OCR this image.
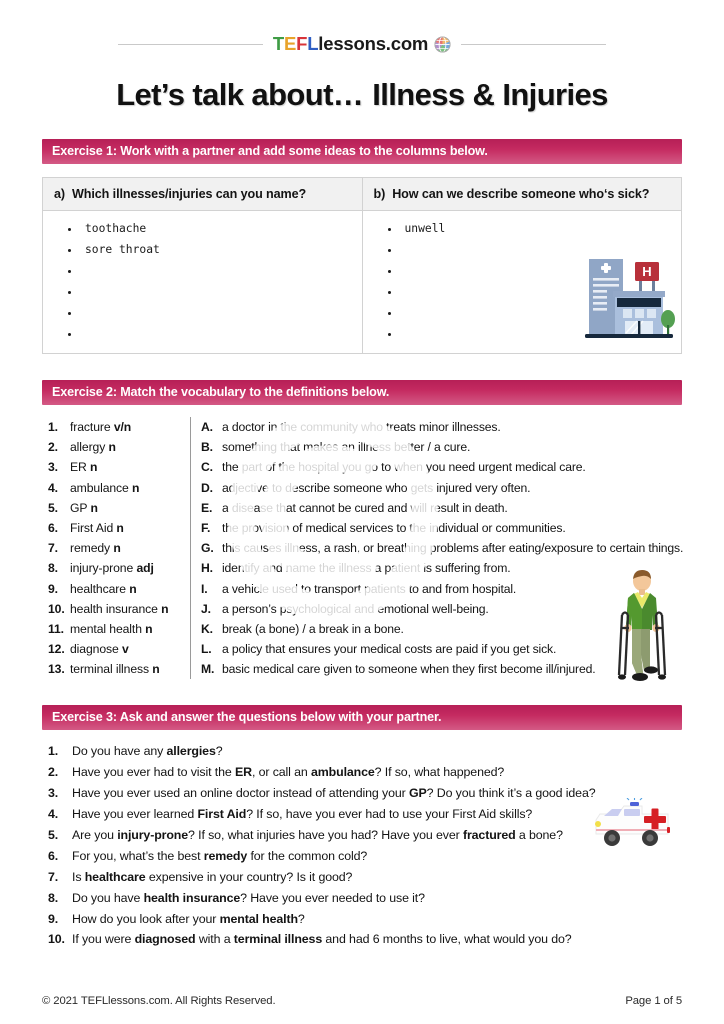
T E F L lessons.com
Let’s talk about… Illness & Injuries
Exercise 1: Work with a partner and add some ideas to the columns below.
a) Which illnesses/injuries can you name?	b) How can we describe someone who‘s sick?

• toothache
• sore throat
•
•
•
•

• unwell
•
•
•
•
•
H
Exercise 2: Match the vocabulary to the definitions below.
1. fracture v/n
2. allergy n
3. ER n
4. ambulance n
5. GP n
6. First Aid n
7. remedy n
8. injury-prone adj
9. healthcare n
10. health insurance n
11. mental health n
12. diagnose v
13. terminal illness n
A. a doctor in the community who treats minor illnesses.
B. something that makes an illness better / a cure.
C. the part of the hospital you go to when you need urgent medical care.
D. adjective to describe someone who gets injured very often.
E. a disease that cannot be cured and will result in death.
F. the provision of medical services to the individual or communities.
G. this causes illness, a rash, or breathing problems after eating/exposure to certain things.
H. identify and name the illness a patient is suffering from.
I.	a vehicle used to transport patients to and from hospital.
J. a person’s psychological and emotional well-being.
K. break (a bone) / a break in a bone.
L. a policy that ensures your medical costs are paid if you get sick.
M. basic medical care given to someone when they first become ill/injured.
Exercise 3: Ask and answer the questions below with your partner.
1.	Do you have any allergies?
2.	Have you ever had to visit the ER, or call an ambulance? If so, what happened?
3.	Have you ever used an online doctor instead of attending your GP? Do you think it’s a good idea?
4.	Have you ever learned First Aid? If so, have you ever had to use your First Aid skills?
5.	Are you injury-prone? If so, what injuries have you had? Have you ever fractured a bone?
6.	For you, what’s the best remedy for the common cold?
7.	Is healthcare expensive in your country? Is it good?
8.	Do you have health insurance? Have you ever needed to use it?
9.	How do you look after your mental health?
10. If you were diagnosed with a terminal illness and had 6 months to live, what would you do?
© 2021 TEFLlessons.com. All Rights Reserved.	Page 1 of 5
